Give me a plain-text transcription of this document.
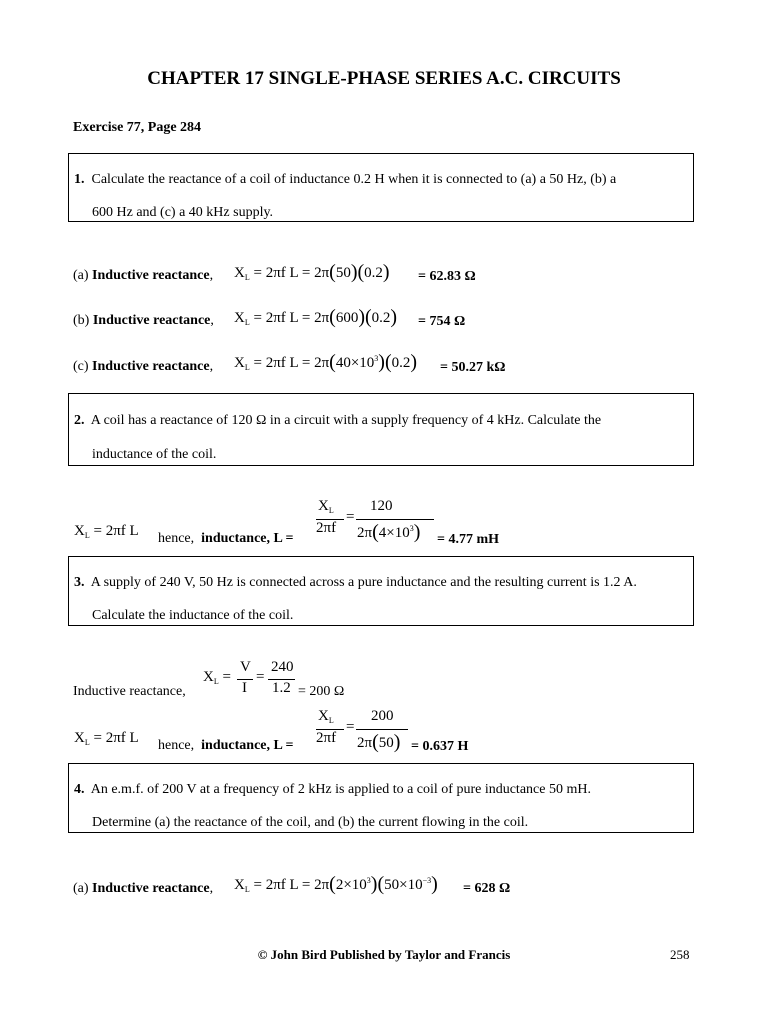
CHAPTER 17 SINGLE-PHASE SERIES A.C. CIRCUITS
Exercise 77, Page 284
1. Calculate the reactance of a coil of inductance 0.2 H when it is connected to (a) a 50 Hz, (b) a
600 Hz and (c) a 40 kHz supply.
(a) Inductive reactance, $X_L = 2\pi f$ L = 2π(50)(0.2) = 62.83 Ω
(b) Inductive reactance, $X_L = 2\pi f$ L = 2π(600)(0.2) = 754 Ω
(c) Inductive reactance, $X_L = 2\pi f$ $L = 2\pi(40\times 10^3)(0.2) = 50.27$ kΩ
2. A coil has a reactance of 120 Ω in a circuit with a supply frequency of 4 kHz. Calculate the
inductance of the coil.
$X_L = 2\pi f$ L hence, inductance, L =
$X_L$
2πf
=
120
$2\pi(4\times 10^3) = 4.77$ mH
3. A supply of 240 V, 50 Hz is connected across a pure inductance and the resulting current is 1.2 A.
Calculate the inductance of the coil.
Inductive reactance,
$X_L$ =
V
I
=
240
1.2 = 200 Ω
$X_L = 2\pi f$ L hence, inductance, L =
$X_L$
2πf
=
200
2π(50) = 0.637 H
4. An e.m.f. of 200 V at a frequency of 2 kHz is applied to a coil of pure inductance 50 mH.
Determine (a) the reactance of the coil, and (b) the current flowing in the coil.
(a) Inductive reactance, $X_L = 2\pi f$ $L = 2\pi(2\times 10^3)(50\times 10^{-3}) = 628$ Ω
© John Bird Published by Taylor and Francis	258
